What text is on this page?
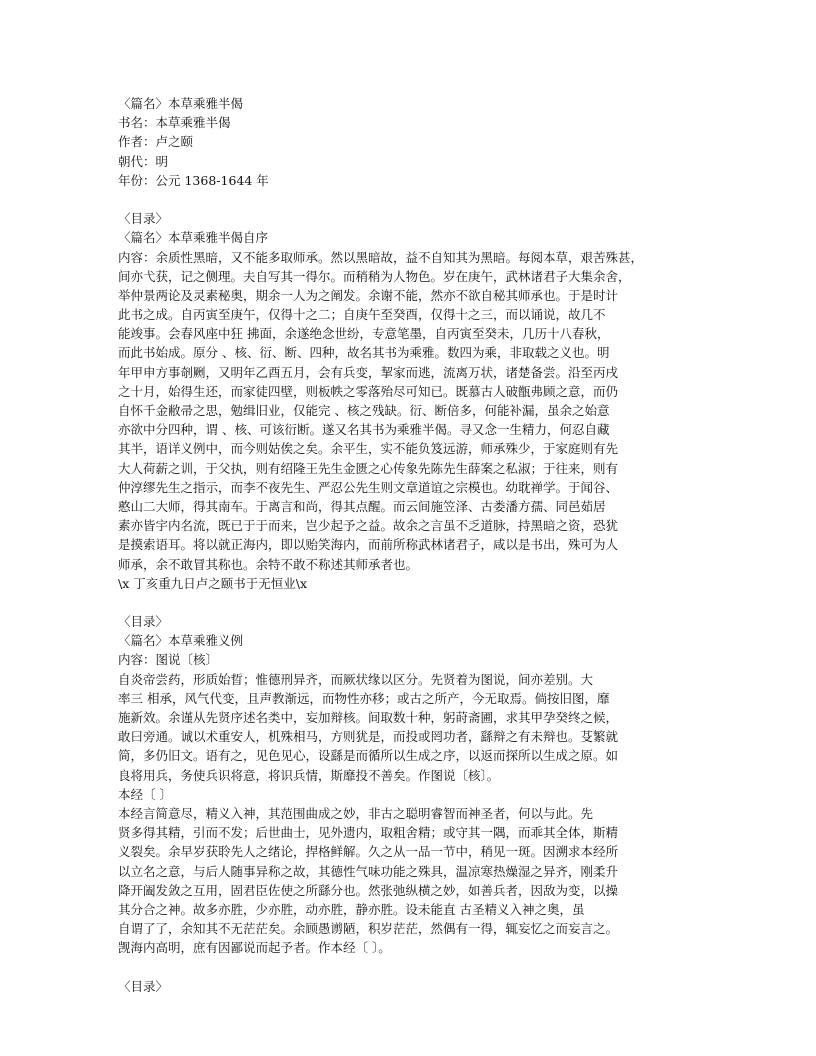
〈篇名〉本草乘雅半偈
书名：本草乘雅半偈
作者：卢之颐
朝代：明
年份：公元 1368-1644 年
〈目录〉
〈篇名〉本草乘雅半偈自序
内容：余质性黑暗，又不能多取师承。然以黑暗故，益不自知其为黑暗。每阅本草，艰苦殊甚，
间亦弋获，记之侧理。夫自写其一得尔。而稍稍为人物色。岁在庚午，武林诸君子大集余舍，
举仲景两论及灵素秘奥，期余一人为之阐发。余谢不能，然亦不欲自秘其师承也。于是时计
此书之成。自丙寅至庚午，仅得十之二；自庚午至癸酉，仅得十之三，而以诵说，故几不
能竣事。会春风座中狂 拂面，余遂绝念世纷，专意笔墨，自丙寅至癸未，几历十八春秋，
而此书始成。原分 、核、衍、断、四种，故名其书为乘雅。数四为乘，非取载之义也。明
年甲申方事剞劂，又明年乙酉五月，会有兵变，挈家而逃，流离万状，诸楚备尝。沿至丙戌
之十月，始得生还，而家徒四壁，则板帙之零落殆尽可知已。既慕古人破甑弗顾之意，而仍
自怀千金敝帚之思，勉缉旧业，仅能完 、核之残缺。衍、断倍多，何能补漏，虽余之始意
亦欲中分四种，谓 、核、可该衍断。遂又名其书为乘雅半偈。寻又念一生精力，何忍自藏
其半，语详义例中，而今则姑俟之矣。余平生，实不能负笈远游，师承殊少，于家庭则有先
大人荷薪之训，于父执，则有绍隆王先生金匮之心传象先陈先生薛案之私淑；于往来，则有
仲淳缪先生之指示，而李不夜先生、严忍公先生则文章道谊之宗模也。幼耽禅学。于闻谷、
憨山二大师，得其南车。于离言和尚，得其点醒。而云间施笠泽、古娄潘方孺、同邑茹居
素亦皆宇内名流，既已于于而来，岂少起予之益。故余之言虽不乏道脉，持黑暗之资，恐犹
是摸索语耳。将以就正海内，即以贻笑海内，而前所称武林诸君子，咸以是书出，殊可为人
师承，余不敢冒其称也。余特不敢不称述其师承者也。
\x 丁亥重九日卢之颐书于无恒业\x
〈目录〉
〈篇名〉本草乘雅义例
内容：图说〔核〕
自炎帝尝药，形质始晢；惟德刑异齐，而厥状缘以区分。先贤着为图说，间亦差别。大
率三 相承，风气代变，且声教渐远，而物性亦移；或古之所产，今无取焉。倘按旧图，靡
施新效。余谨从先贤序述名类中，妄加辩核。间取数十种，躬莳斋圃，求其甲孕癸终之候，
敢曰旁通。诚以术重安人，机殊相马，方则犹是，而投或罔功者，繇辩之有未辩也。芟繁就
简，多仍旧文。语有之，见色见心，设繇是而循所以生成之序，以返而探所以生成之原。如
良将用兵，务使兵识将意，将识兵情，斯靡投不善矣。作图说〔核〕。
本经〔 〕
本经言简意尽，精义入神，其范围曲成之妙，非古之聪明睿智而神圣者，何以与此。先
贤多得其精，引而不发；后世曲士，见外遗内，取粗舍精；或守其一隅，而乖其全体，斯精
义裂矣。余早岁获聆先人之绪论，捍格鲜解。久之从一品一节中，稍见一斑。因溯求本经所
以立名之意，与后人随事异称之故，其德性气味功能之殊具，温凉寒热燥湿之异齐，刚柔升
降开阖发敛之互用，固君臣佐使之所繇分也。然张弛纵横之妙，如善兵者，因敌为变，以操
其分合之神。故多亦胜，少亦胜，动亦胜，静亦胜。设未能直 古圣精义入神之奥，虽
自谓了了，余知其不无茫茫矣。余顾愚谫陋，积岁茫茫，然偶有一得，辄妄忆之而妄言之。
觊海内高明，庶有因鄙说而起予者。作本经〔 〕。
〈目录〉
